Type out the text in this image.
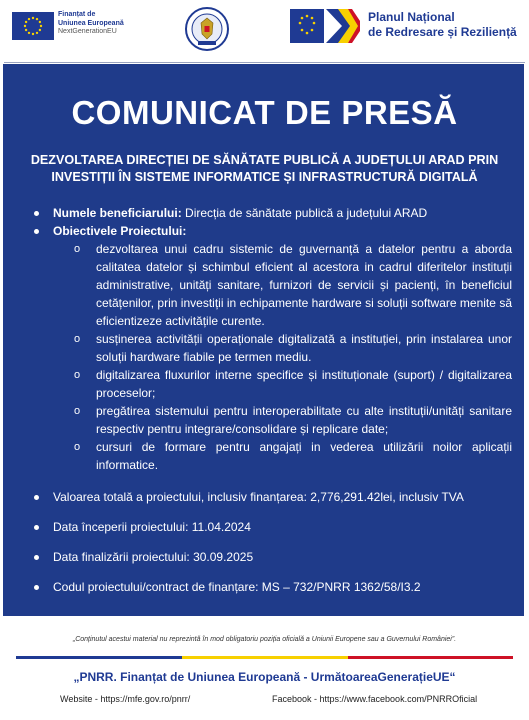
Finanțat de
Uniunea Europeană
NextGenerationEU
Planul Național
de Redresare și Reziliență
COMUNICAT DE PRESĂ
DEZVOLTAREA DIRECȚIEI DE SĂNĂTATE PUBLICĂ A JUDEȚULUI ARAD PRIN INVESTIȚII ÎN SISTEME INFORMATICE ȘI INFRASTRUCTURĂ DIGITALĂ
Numele beneficiarului: Direcția de sănătate publică a județului ARAD
Obiectivele Proiectului:
o dezvoltarea unui cadru sistemic de guvernanță a datelor pentru a aborda calitatea datelor și schimbul eficient al acestora in cadrul diferitelor instituții administrative, unități sanitare, furnizori de servicii și pacienți, în beneficiul cetățenilor, prin investiții in echipamente hardware si soluții software menite să eficientizeze activitățile curente.
o susținerea activității operaționale digitalizată a instituției, prin instalarea unor soluții hardware fiabile pe termen mediu.
o digitalizarea fluxurilor interne specifice și instituționale (suport) / digitalizarea proceselor;
o pregătirea sistemului pentru interoperabilitate cu alte instituții/unități sanitare respectiv pentru integrare/consolidare și replicare date;
o cursuri de formare pentru angajați in vederea utilizării noilor aplicații informatice.
Valoarea totală a proiectului, inclusiv finanțarea: 2,776,291.42lei, inclusiv TVA
Data începerii proiectului: 11.04.2024
Data finalizării proiectului: 30.09.2025
Codul proiectului/contract de finanțare: MS – 732/PNRR 1362/58/I3.2
„Conținutul acestui material nu reprezintă în mod obligatoriu poziția oficială a Uniunii Europene sau a Guvernului României”.
„PNRR. Finanțat de Uniunea Europeană - UrmătoareaGenerațieUE“
Website - https://mfe.gov.ro/pnrr/	Facebook - https://www.facebook.com/PNRROficial
